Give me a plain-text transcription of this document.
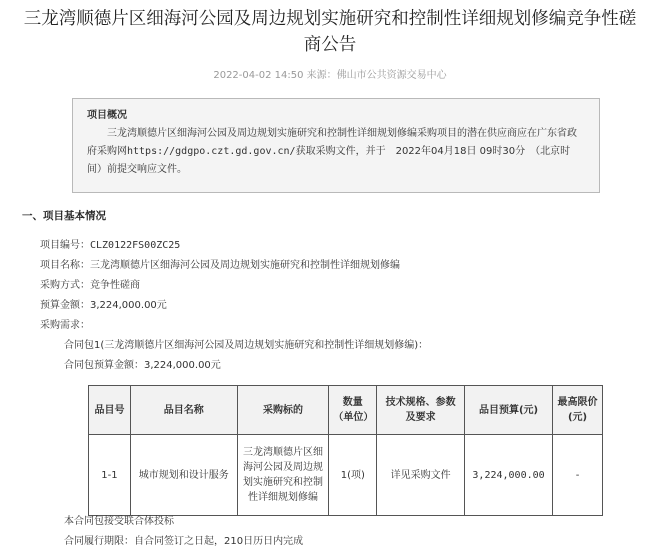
三龙湾顺德片区细海河公园及周边规划实施研究和控制性详细规划修编竞争性磋
商公告
2022-04-02 14:50 来源：佛山市公共资源交易中心
项目概况
三龙湾顺德片区细海河公园及周边规划实施研究和控制性详细规划修编采购项目的潜在供应商应在广东省政府采购网https://gdgpo.czt.gd.gov.cn/获取采购文件，并于　2022年04月18日 09时30分　（北京时间）前提交响应文件。
一、项目基本情况
项目编号：CLZ0122FS00ZC25
项目名称：三龙湾顺德片区细海河公园及周边规划实施研究和控制性详细规划修编
采购方式：竞争性磋商
预算金额：3,224,000.00元
采购需求：
合同包1(三龙湾顺德片区细海河公园及周边规划实施研究和控制性详细规划修编)：
合同包预算金额：3,224,000.00元
品目号	品目名称	采购标的	数量（单位）	技术规格、参数及要求	品目预算(元)	最高限价(元)
1-1	城市规划和设计服务	三龙湾顺德片区细海河公园及周边规划实施研究和控制性详细规划修编	1(项)	详见采购文件	3,224,000.00	-
本合同包接受联合体投标
合同履行期限：自合同签订之日起，210日历日内完成
